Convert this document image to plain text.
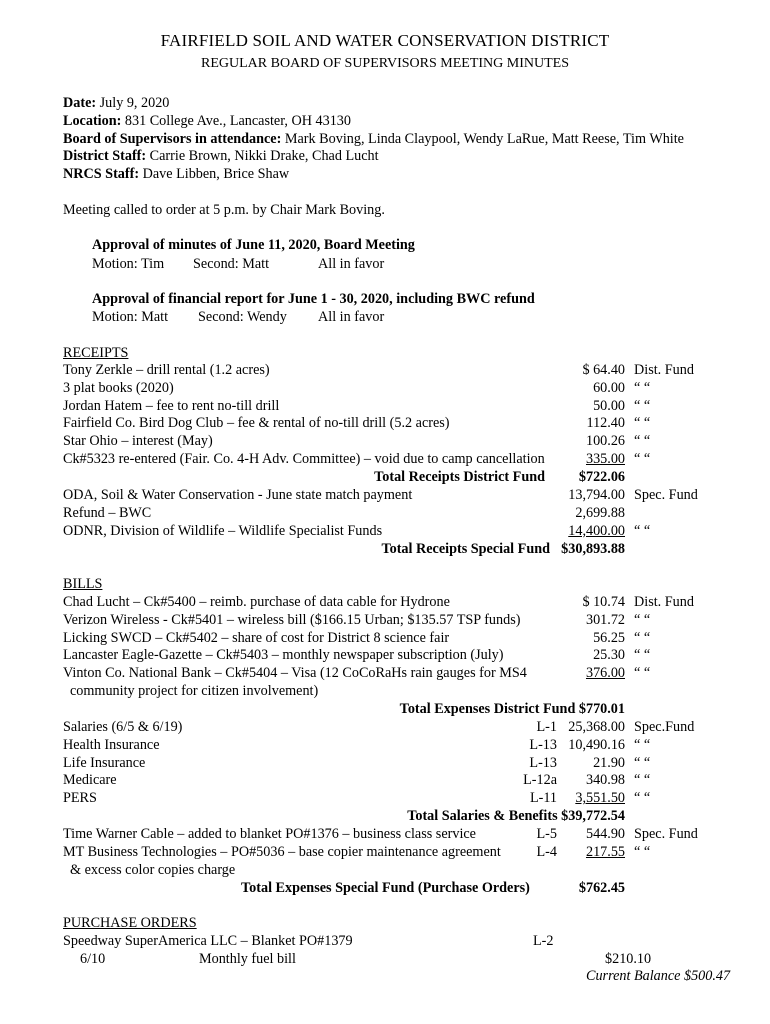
FAIRFIELD SOIL AND WATER CONSERVATION DISTRICT
REGULAR BOARD OF SUPERVISORS MEETING MINUTES
Date: July 9, 2020
Location: 831 College Ave., Lancaster, OH 43130
Board of Supervisors in attendance: Mark Boving, Linda Claypool, Wendy LaRue, Matt Reese, Tim White
District Staff: Carrie Brown, Nikki Drake, Chad Lucht
NRCS Staff: Dave Libben, Brice Shaw
Meeting called to order at 5 p.m. by Chair Mark Boving.
Approval of minutes of June 11, 2020, Board Meeting
Motion: Tim Second: Matt	All in favor
Approval of financial report for June 1 - 30, 2020, including BWC refund
Motion: Matt Second: Wendy All in favor
RECEIPTS
Tony Zerkle – drill rental (1.2 acres)	$ 64.40 Dist. Fund
3 plat books (2020)	60.00 “ “
Jordan Hatem – fee to rent no-till drill	50.00 “ “
Fairfield Co. Bird Dog Club – fee & rental of no-till drill (5.2 acres)	112.40 “ “
Star Ohio – interest (May)	100.26 “ “
Ck#5323 re-entered (Fair. Co. 4-H Adv. Committee) – void due to camp cancellation	335.00 “ “
Total Receipts District Fund	$722.06
ODA, Soil & Water Conservation - June state match payment	13,794.00 Spec. Fund
Refund – BWC	2,699.88
ODNR, Division of Wildlife – Wildlife Specialist Funds	14,400.00 “ “
Total Receipts Special Fund $30,893.88
BILLS
Chad Lucht – Ck#5400 – reimb. purchase of data cable for Hydrone	$ 10.74 Dist. Fund
Verizon Wireless - Ck#5401 – wireless bill ($166.15 Urban; $135.57 TSP funds)	301.72 “ “
Licking SWCD – Ck#5402 – share of cost for District 8 science fair	56.25 “ “
Lancaster Eagle-Gazette – Ck#5403 – monthly newspaper subscription (July)	25.30 “ “
Vinton Co. National Bank – Ck#5404 – Visa (12 CoCoRaHs rain gauges for MS4	376.00 “ “
community project for citizen involvement)
Total Expenses District Fund $770.01
Salaries (6/5 & 6/19)	L-1 25,368.00 Spec.Fund
Health Insurance	L-13 10,490.16 “ “
Life Insurance	L-13	21.90 “ “
Medicare	L-12a	340.98 “ “
PERS	L-11	3,551.50 “ “
Total Salaries & Benefits $39,772.54
Time Warner Cable – added to blanket PO#1376 – business class service	L-5	544.90 Spec. Fund
MT Business Technologies – PO#5036 – base copier maintenance agreement	L-4	217.55 “ “
& excess color copies charge
Total Expenses Special Fund (Purchase Orders)	$762.45
PURCHASE ORDERS
Speedway SuperAmerica LLC – Blanket PO#1379	L-2
6/10	Monthly fuel bill	$210.10
Current Balance $500.47
